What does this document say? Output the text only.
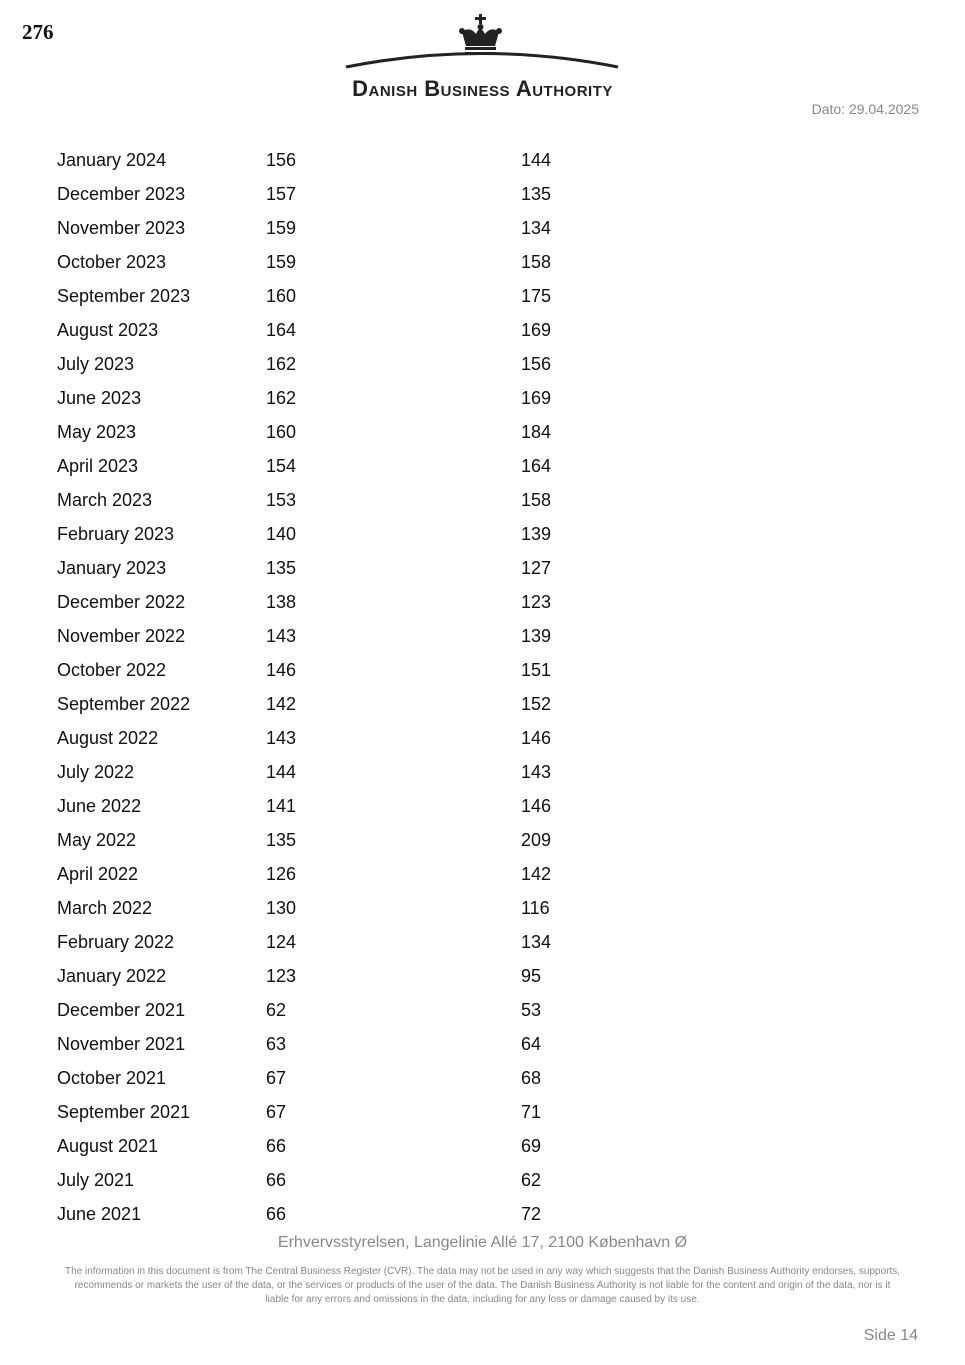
276
Danish Business Authority
Dato: 29.04.2025
January 2024	156	144
December 2023	157	135
November 2023	159	134
October 2023	159	158
September 2023	160	175
August 2023	164	169
July 2023	162	156
June 2023	162	169
May 2023	160	184
April 2023	154	164
March 2023	153	158
February 2023	140	139
January 2023	135	127
December 2022	138	123
November 2022	143	139
October 2022	146	151
September 2022	142	152
August 2022	143	146
July 2022	144	143
June 2022	141	146
May 2022	135	209
April 2022	126	142
March 2022	130	116
February 2022	124	134
January 2022	123	95
December 2021	62	53
November 2021	63	64
October 2021	67	68
September 2021	67	71
August 2021	66	69
July 2021	66	62
June 2021	66	72
Erhvervsstyrelsen, Langelinie Allé 17, 2100 København Ø
The information in this document is from The Central Business Register (CVR). The data may not be used in any way which suggests that the Danish Business Authority endorses, supports, recommends or markets the user of the data, or the services or products of the user of the data. The Danish Business Authority is not liable for the content and origin of the data, nor is it liable for any errors and omissions in the data, including for any loss or damage caused by its use.
Side 14
